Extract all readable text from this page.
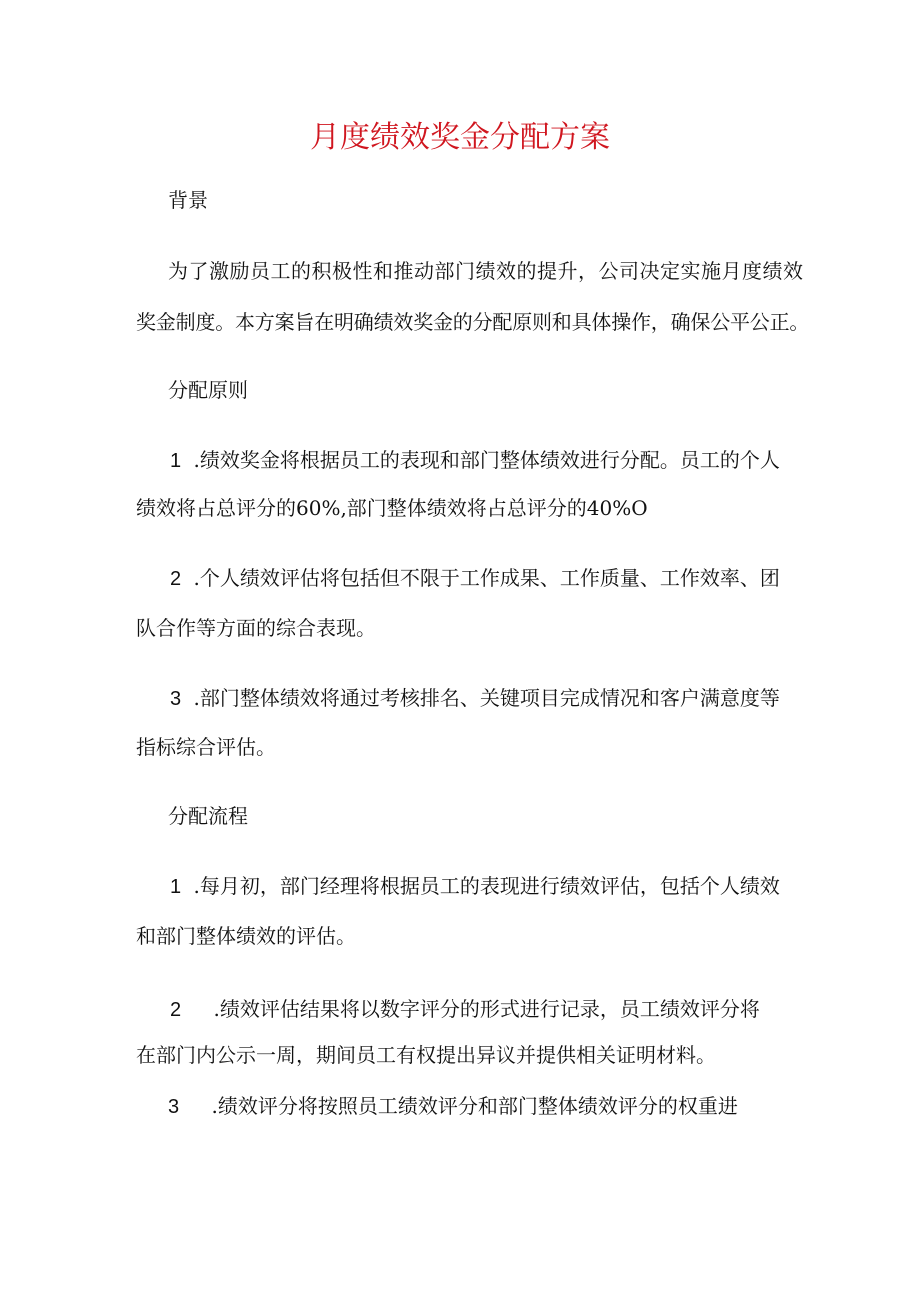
月度绩效奖金分配方案
背景
为了激励员工的积极性和推动部门绩效的提升，公司决定实施月度绩效
奖金制度。本方案旨在明确绩效奖金的分配原则和具体操作，确保公平公正。
分配原则
1 .绩效奖金将根据员工的表现和部门整体绩效进行分配。员工的个人
绩效将占总评分的60%,部门整体绩效将占总评分的40%O
2 .个人绩效评估将包括但不限于工作成果、工作质量、工作效率、团
队合作等方面的综合表现。
3 .部门整体绩效将通过考核排名、关键项目完成情况和客户满意度等
指标综合评估。
分配流程
1 .每月初，部门经理将根据员工的表现进行绩效评估，包括个人绩效
和部门整体绩效的评估。
2 .绩效评估结果将以数字评分的形式进行记录，员工绩效评分将
在部门内公示一周，期间员工有权提出异议并提供相关证明材料。
3 .绩效评分将按照员工绩效评分和部门整体绩效评分的权重进
